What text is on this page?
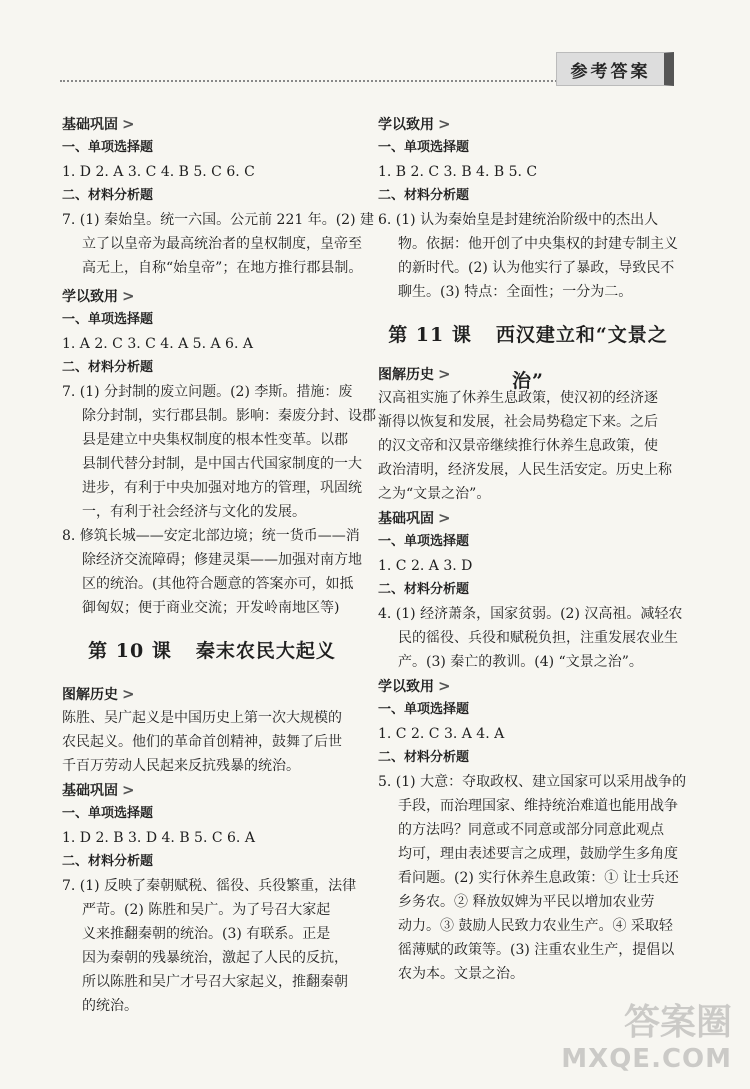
参考答案
基础巩固 >
一、单项选择题
1. D 2. A 3. C 4. B 5. C 6. C
二、材料分析题
7. (1) 秦始皇。统一六国。公元前 221 年。(2) 建
立了以皇帝为最高统治者的皇权制度，皇帝至
高无上，自称“始皇帝”；在地方推行郡县制。
学以致用 >
一、单项选择题
1. A 2. C 3. C 4. A 5. A 6. A
二、材料分析题
7. (1) 分封制的废立问题。(2) 李斯。措施：废
除分封制，实行郡县制。影响：秦废分封、设郡
县是建立中央集权制度的根本性变革。以郡
县制代替分封制，是中国古代国家制度的一大
进步，有利于中央加强对地方的管理，巩固统
一，有利于社会经济与文化的发展。
8. 修筑长城——安定北部边境；统一货币——消
除经济交流障碍；修建灵渠——加强对南方地
区的统治。(其他符合题意的答案亦可，如抵
御匈奴；便于商业交流；开发岭南地区等)
第 10 课 秦末农民大起义
图解历史 >
陈胜、吴广起义是中国历史上第一次大规模的
农民起义。他们的革命首创精神，鼓舞了后世
千百万劳动人民起来反抗残暴的统治。
基础巩固 >
一、单项选择题
1. D 2. B 3. D 4. B 5. C 6. A
二、材料分析题
7. (1) 反映了秦朝赋税、徭役、兵役繁重，法律
严苛。(2) 陈胜和吴广。为了号召大家起
义来推翻秦朝的统治。(3) 有联系。正是
因为秦朝的残暴统治，激起了人民的反抗，
所以陈胜和吴广才号召大家起义，推翻秦朝
的统治。
学以致用 >
一、单项选择题
1. B 2. C 3. B 4. B 5. C
二、材料分析题
6. (1) 认为秦始皇是封建统治阶级中的杰出人
物。依据：他开创了中央集权的封建专制主义
的新时代。(2) 认为他实行了暴政，导致民不
聊生。(3) 特点：全面性；一分为二。
第 11 课 西汉建立和“文景之治”
图解历史 >
汉高祖实施了休养生息政策，使汉初的经济逐
渐得以恢复和发展，社会局势稳定下来。之后
的汉文帝和汉景帝继续推行休养生息政策，使
政治清明，经济发展，人民生活安定。历史上称
之为“文景之治”。
基础巩固 >
一、单项选择题
1. C 2. A 3. D
二、材料分析题
4. (1) 经济萧条，国家贫弱。(2) 汉高祖。减轻农
民的徭役、兵役和赋税负担，注重发展农业生
产。(3) 秦亡的教训。(4) “文景之治”。
学以致用 >
一、单项选择题
1. C 2. C 3. A 4. A
二、材料分析题
5. (1) 大意：夺取政权、建立国家可以采用战争的
手段，而治理国家、维持统治难道也能用战争
的方法吗？同意或不同意或部分同意此观点
均可，理由表述要言之成理，鼓励学生多角度
看问题。(2) 实行休养生息政策：① 让士兵还
乡务农。② 释放奴婢为平民以增加农业劳
动力。③ 鼓励人民致力农业生产。④ 采取轻
徭薄赋的政策等。(3) 注重农业生产，提倡以
农为本。文景之治。
答案圈
MXQE.COM
